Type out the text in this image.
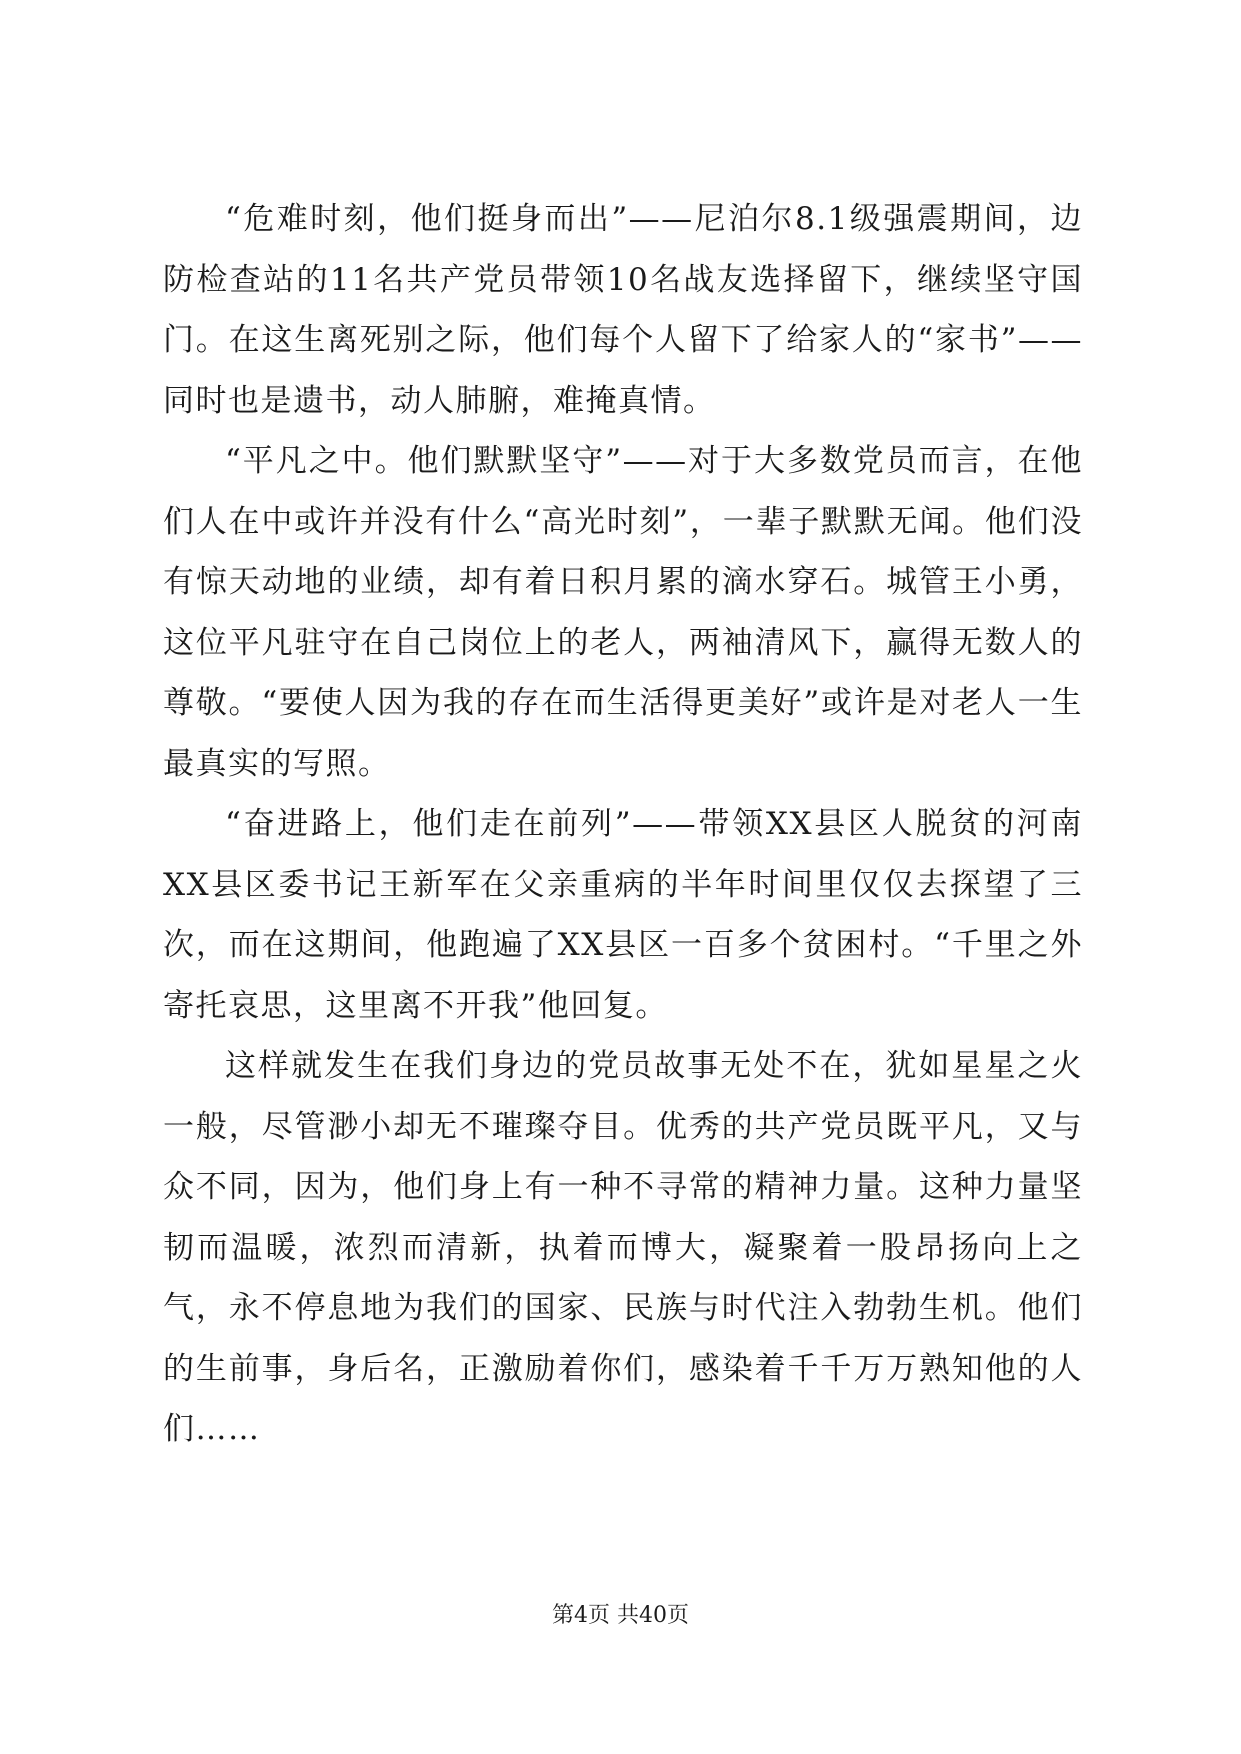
“危难时刻，他们挺身而出”——尼泊尔8.1级强震期间，边防检查站的11名共产党员带领10名战友选择留下，继续坚守国门。在这生离死别之际，他们每个人留下了给家人的“家书”——同时也是遗书，动人肺腑，难掩真情。

“平凡之中。他们默默坚守”——对于大多数党员而言，在他们人在中或许并没有什么“高光时刻”，一辈子默默无闻。他们没有惊天动地的业绩，却有着日积月累的滴水穿石。城管王小勇，这位平凡驻守在自己岗位上的老人，两袖清风下，赢得无数人的尊敬。“要使人因为我的存在而生活得更美好”或许是对老人一生最真实的写照。

“奋进路上，他们走在前列”——带领XX县区人脱贫的河南XX县区委书记王新军在父亲重病的半年时间里仅仅去探望了三次，而在这期间，他跑遍了XX县区一百多个贫困村。“千里之外寄托哀思，这里离不开我”他回复。

这样就发生在我们身边的党员故事无处不在，犹如星星之火一般，尽管渺小却无不璀璨夺目。优秀的共产党员既平凡，又与众不同，因为，他们身上有一种不寻常的精神力量。这种力量坚韧而温暖，浓烈而清新，执着而博大，凝聚着一股昂扬向上之气，永不停息地为我们的国家、民族与时代注入勃勃生机。他们的生前事，身后名，正激励着你们，感染着千千万万熟知他的人们……

第4页 共40页
